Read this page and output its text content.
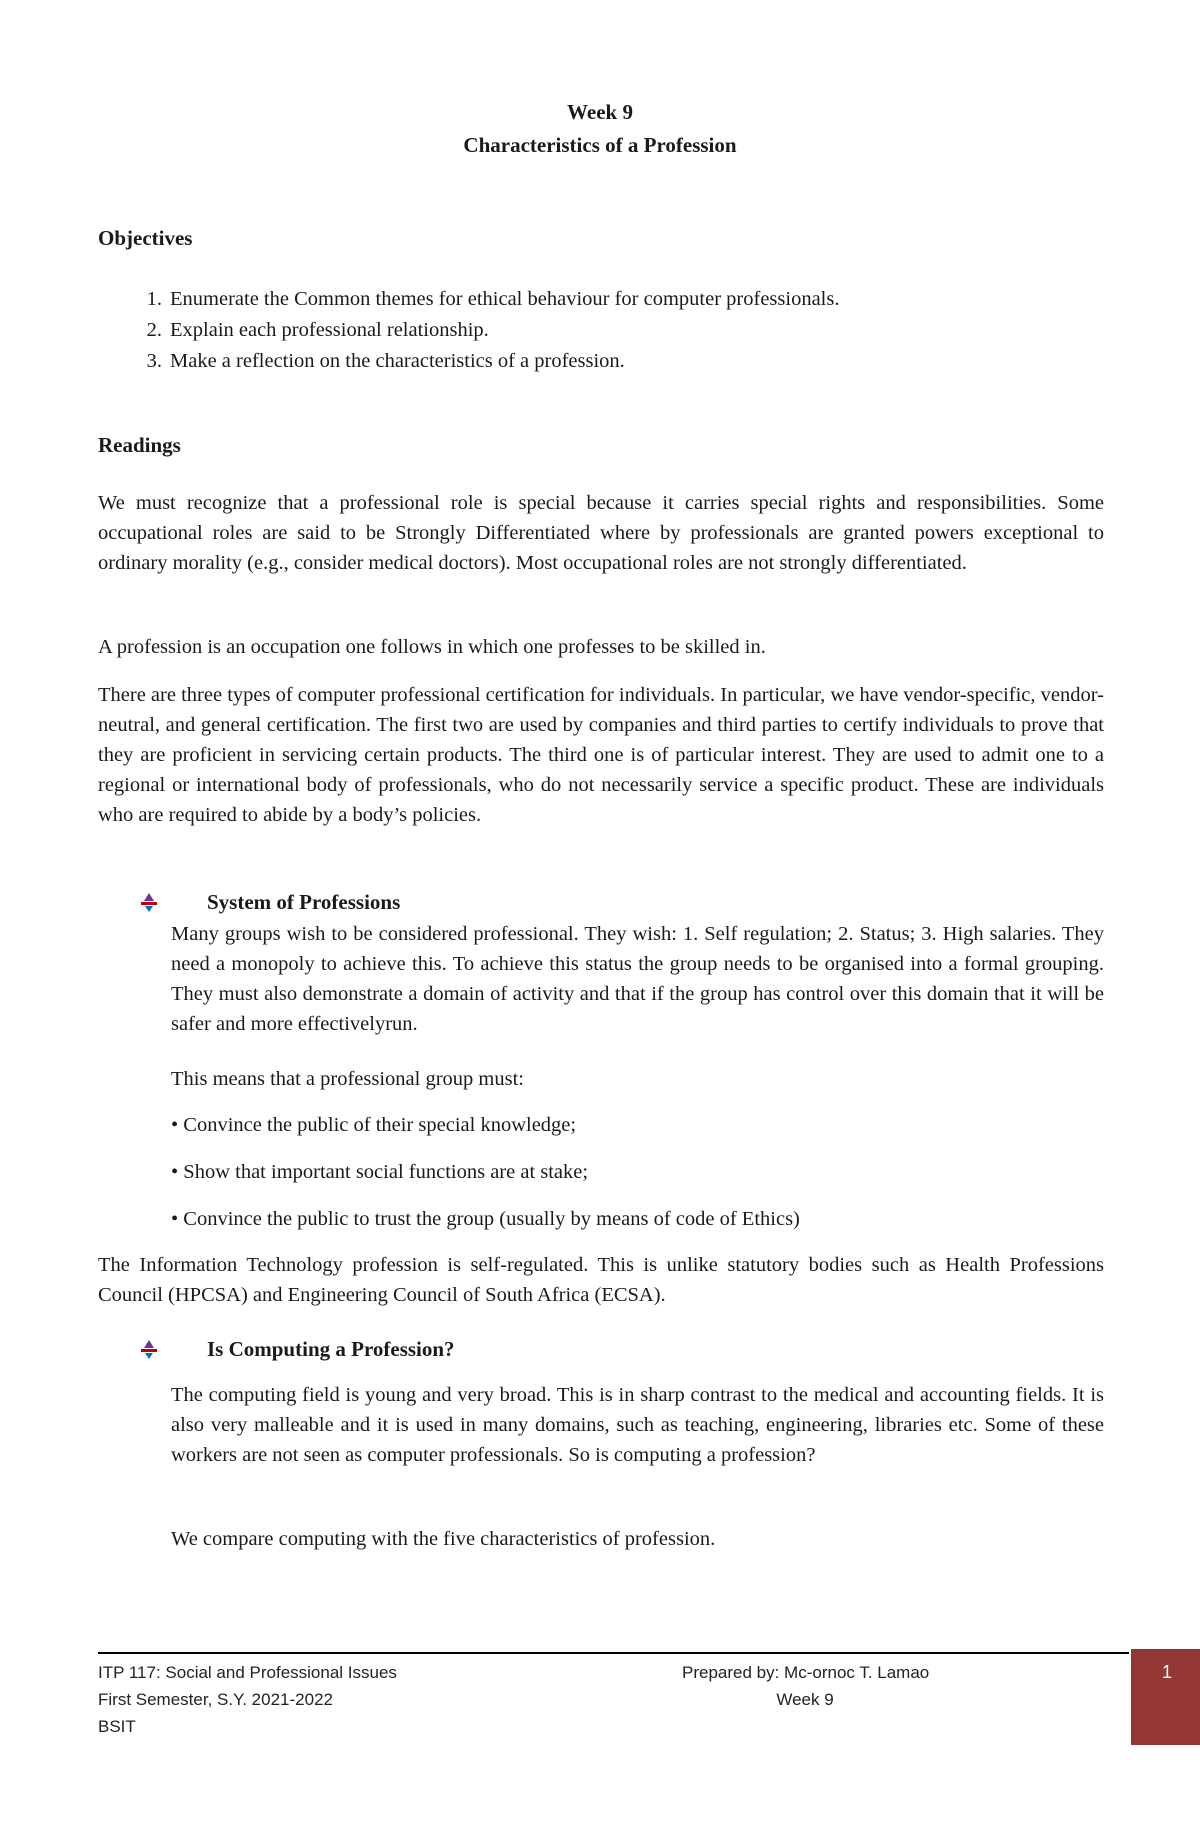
Week 9
Characteristics of a Profession
Objectives
1. Enumerate the Common themes for ethical behaviour for computer professionals.
2. Explain each professional relationship.
3. Make a reflection on the characteristics of a profession.
Readings
We must recognize that a professional role is special because it carries special rights and responsibilities. Some occupational roles are said to be Strongly Differentiated where by professionals are granted powers exceptional to ordinary morality (e.g., consider medical doctors). Most occupational roles are not strongly differentiated.
A profession is an occupation one follows in which one professes to be skilled in.
There are three types of computer professional certification for individuals. In particular, we have vendor-specific, vendor-neutral, and general certification. The first two are used by companies and third parties to certify individuals to prove that they are proficient in servicing certain products. The third one is of particular interest. They are used to admit one to a regional or international body of professionals, who do not necessarily service a specific product. These are individuals who are required to abide by a body’s policies.
System of Professions
Many groups wish to be considered professional. They wish: 1. Self regulation; 2. Status; 3. High salaries. They need a monopoly to achieve this. To achieve this status the group needs to be organised into a formal grouping. They must also demonstrate a domain of activity and that if the group has control over this domain that it will be safer and more effectivelyrun.
This means that a professional group must:
• Convince the public of their special knowledge;
• Show that important social functions are at stake;
• Convince the public to trust the group (usually by means of code of Ethics)
The Information Technology profession is self-regulated. This is unlike statutory bodies such as Health Professions Council (HPCSA) and Engineering Council of South Africa (ECSA).
Is Computing a Profession?
The computing field is young and very broad. This is in sharp contrast to the medical and accounting fields. It is also very malleable and it is used in many domains, such as teaching, engineering, libraries etc. Some of these workers are not seen as computer professionals. So is computing a profession?
We compare computing with the five characteristics of profession.
ITP 117: Social and Professional Issues
First Semester, S.Y. 2021-2022
BSIT
Prepared by: Mc-ornoc T. Lamao
Week 9
1
